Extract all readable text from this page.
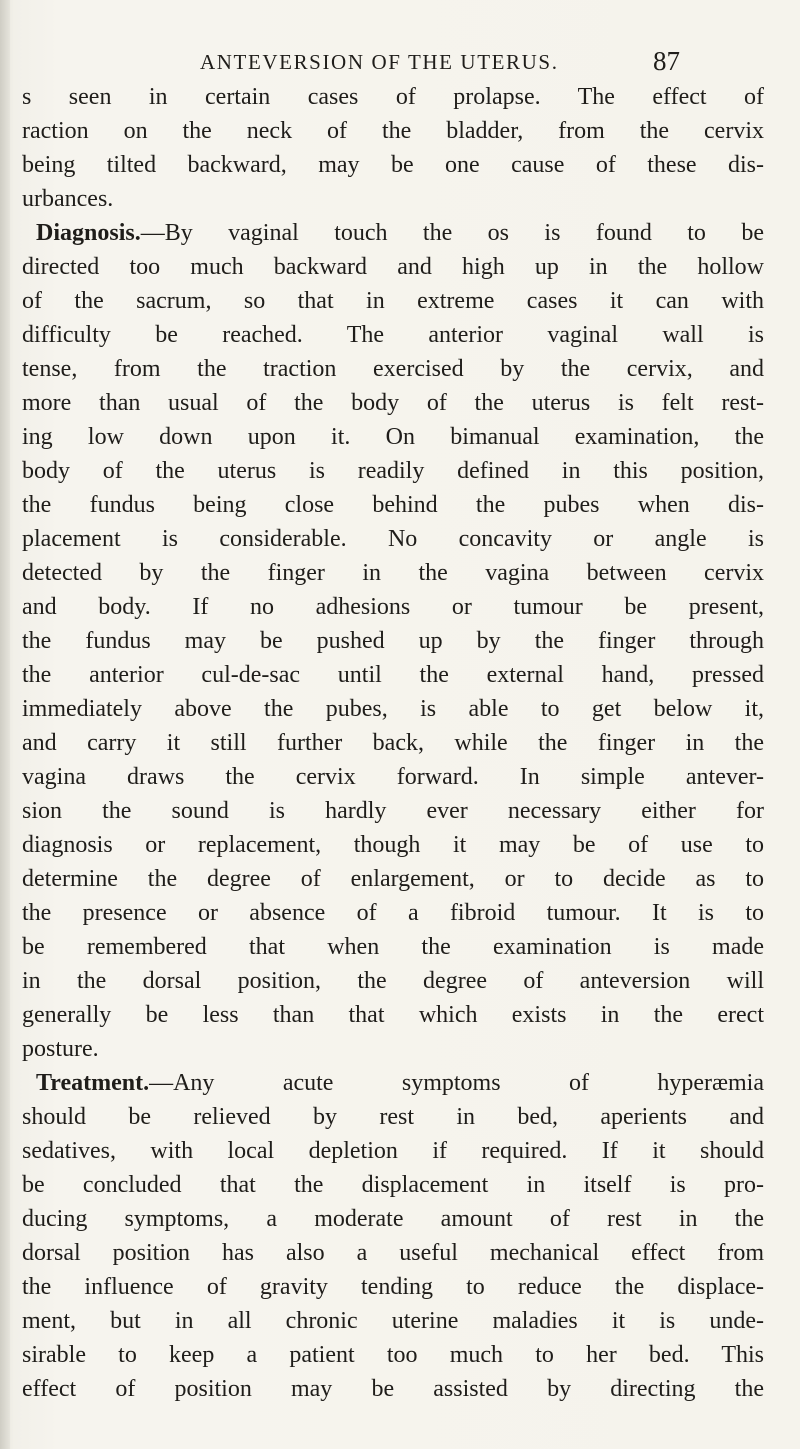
ANTEVERSION OF THE UTERUS.	87
s seen in certain cases of prolapse. The effect of
raction on the neck of the bladder, from the cervix
being tilted backward, may be one cause of these dis-
urbances.
Diagnosis.—By vaginal touch the os is found to be
directed too much backward and high up in the hollow
of the sacrum, so that in extreme cases it can with
difficulty be reached. The anterior vaginal wall is
tense, from the traction exercised by the cervix, and
more than usual of the body of the uterus is felt rest-
ing low down upon it. On bimanual examination, the
body of the uterus is readily defined in this position,
the fundus being close behind the pubes when dis-
placement is considerable. No concavity or angle is
detected by the finger in the vagina between cervix
and body. If no adhesions or tumour be present,
the fundus may be pushed up by the finger through
the anterior cul-de-sac until the external hand, pressed
immediately above the pubes, is able to get below it,
and carry it still further back, while the finger in the
vagina draws the cervix forward. In simple antever-
sion the sound is hardly ever necessary either for
diagnosis or replacement, though it may be of use to
determine the degree of enlargement, or to decide as to
the presence or absence of a fibroid tumour. It is to
be remembered that when the examination is made
in the dorsal position, the degree of anteversion will
generally be less than that which exists in the erect
posture.
Treatment.—Any acute symptoms of hyperæmia
should be relieved by rest in bed, aperients and
sedatives, with local depletion if required. If it should
be concluded that the displacement in itself is pro-
ducing symptoms, a moderate amount of rest in the
dorsal position has also a useful mechanical effect from
the influence of gravity tending to reduce the displace-
ment, but in all chronic uterine maladies it is unde-
sirable to keep a patient too much to her bed. This
effect of position may be assisted by directing the
